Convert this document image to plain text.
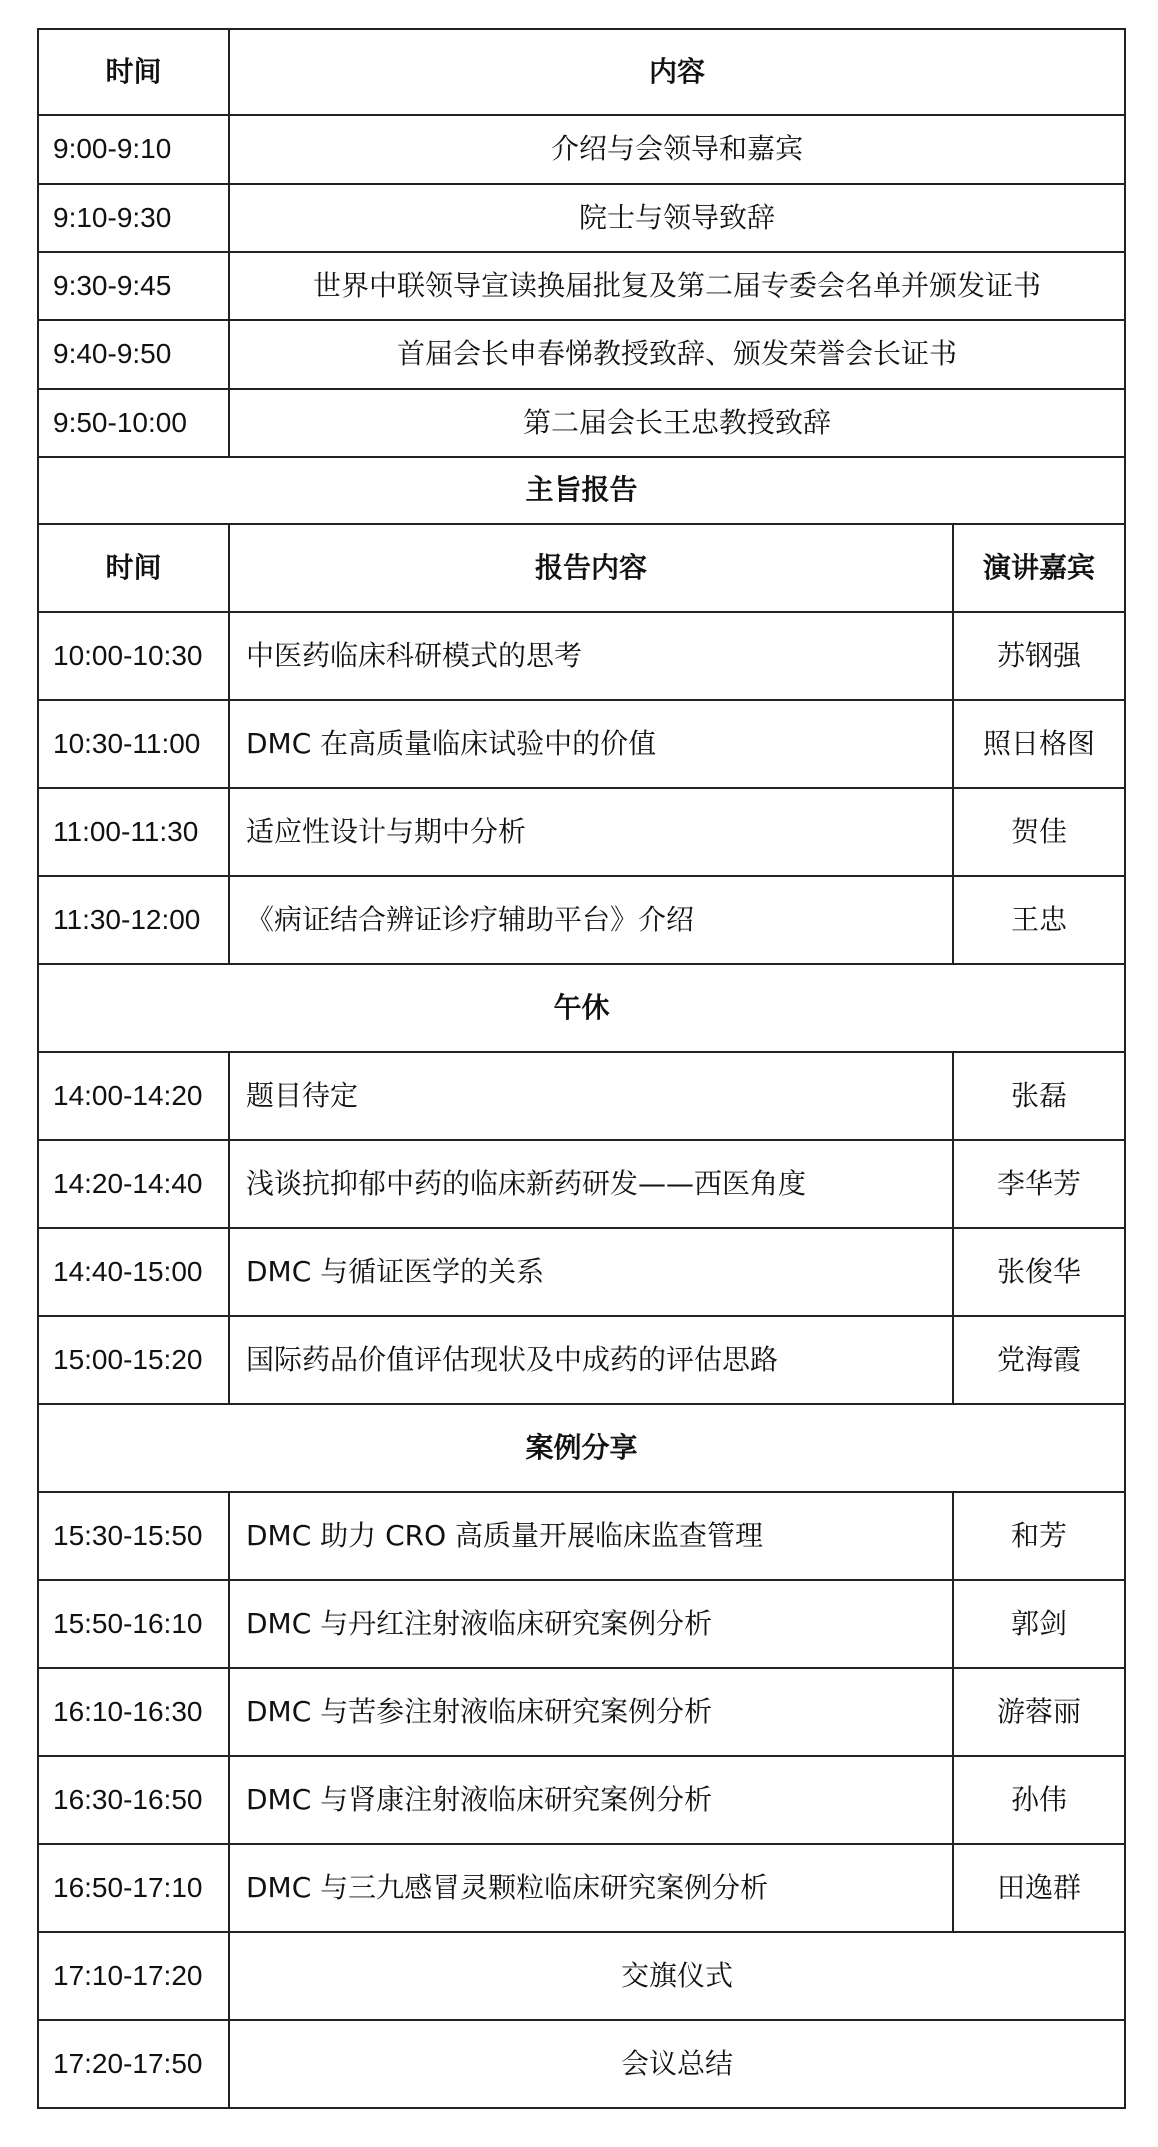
时间	内容	
9:00-9:10	介绍与会领导和嘉宾	
9:10-9:30	院士与领导致辞	
9:30-9:45	世界中联领导宣读换届批复及第二届专委会名单并颁发证书	
9:40-9:50	首届会长申春悌教授致辞、颁发荣誉会长证书	
9:50-10:00	第二届会长王忠教授致辞	
主旨报告		
时间	报告内容	演讲嘉宾
10:00-10:30	中医药临床科研模式的思考	苏钢强
10:30-11:00	DMC 在高质量临床试验中的价值	照日格图
11:00-11:30	适应性设计与期中分析	贺佳
11:30-12:00	《病证结合辨证诊疗辅助平台》介绍	王忠
午休		
14:00-14:20	题目待定	张磊
14:20-14:40	浅谈抗抑郁中药的临床新药研发——西医角度	李华芳
14:40-15:00	DMC 与循证医学的关系	张俊华
15:00-15:20	国际药品价值评估现状及中成药的评估思路	党海霞
案例分享		
15:30-15:50	DMC 助力 CRO 高质量开展临床监查管理	和芳
15:50-16:10	DMC 与丹红注射液临床研究案例分析	郭剑
16:10-16:30	DMC 与苦参注射液临床研究案例分析	游蓉丽
16:30-16:50	DMC 与肾康注射液临床研究案例分析	孙伟
16:50-17:10	DMC 与三九感冒灵颗粒临床研究案例分析	田逸群
17:10-17:20	交旗仪式	
17:20-17:50	会议总结	
